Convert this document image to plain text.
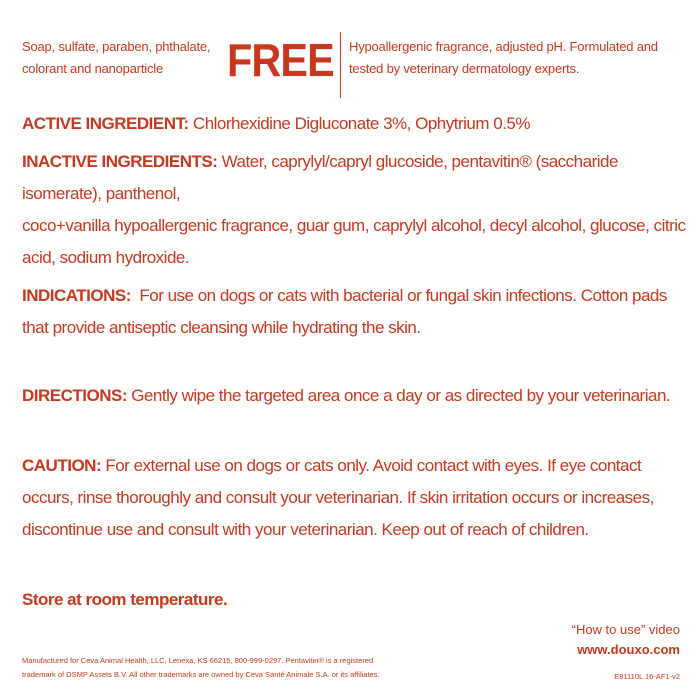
Soap, sulfate, paraben, phthalate, colorant and nanoparticle	FREE Hypoallergenic fragrance, adjusted pH. Formulated and tested by veterinary dermatology experts.
ACTIVE INGREDIENT: Chlorhexidine Digluconate 3%, Ophytrium 0.5%
INACTIVE INGREDIENTS: Water, caprylyl/capryl glucoside, pentavitin® (saccharide isomerate), panthenol,
coco+vanilla hypoallergenic fragrance, guar gum, caprylyl alcohol, decyl alcohol, glucose, citric acid, sodium hydroxide.
INDICATIONS: For use on dogs or cats with bacterial or fungal skin infections. Cotton pads
that provide antiseptic cleansing while hydrating the skin.
DIRECTIONS: Gently wipe the targeted area once a day or as directed by your veterinarian.
CAUTION: For external use on dogs or cats only. Avoid contact with eyes. If eye contact occurs, rinse thoroughly and consult your veterinarian. If skin irritation occurs or increases, discontinue use and consult with your veterinarian. Keep out of reach of children.
Store at room temperature.
“How to use” video
www.douxo.com
E81110L 16-AF1-v2
Manufactured for Ceva Animal Health, LLC, Lenexa, KS 66215, 800-999-0297. Pentavitin® is a registered trademark of DSMP Assets B.V. All other trademarks are owned by Ceva Santé Animale S.A. or its affiliates.
